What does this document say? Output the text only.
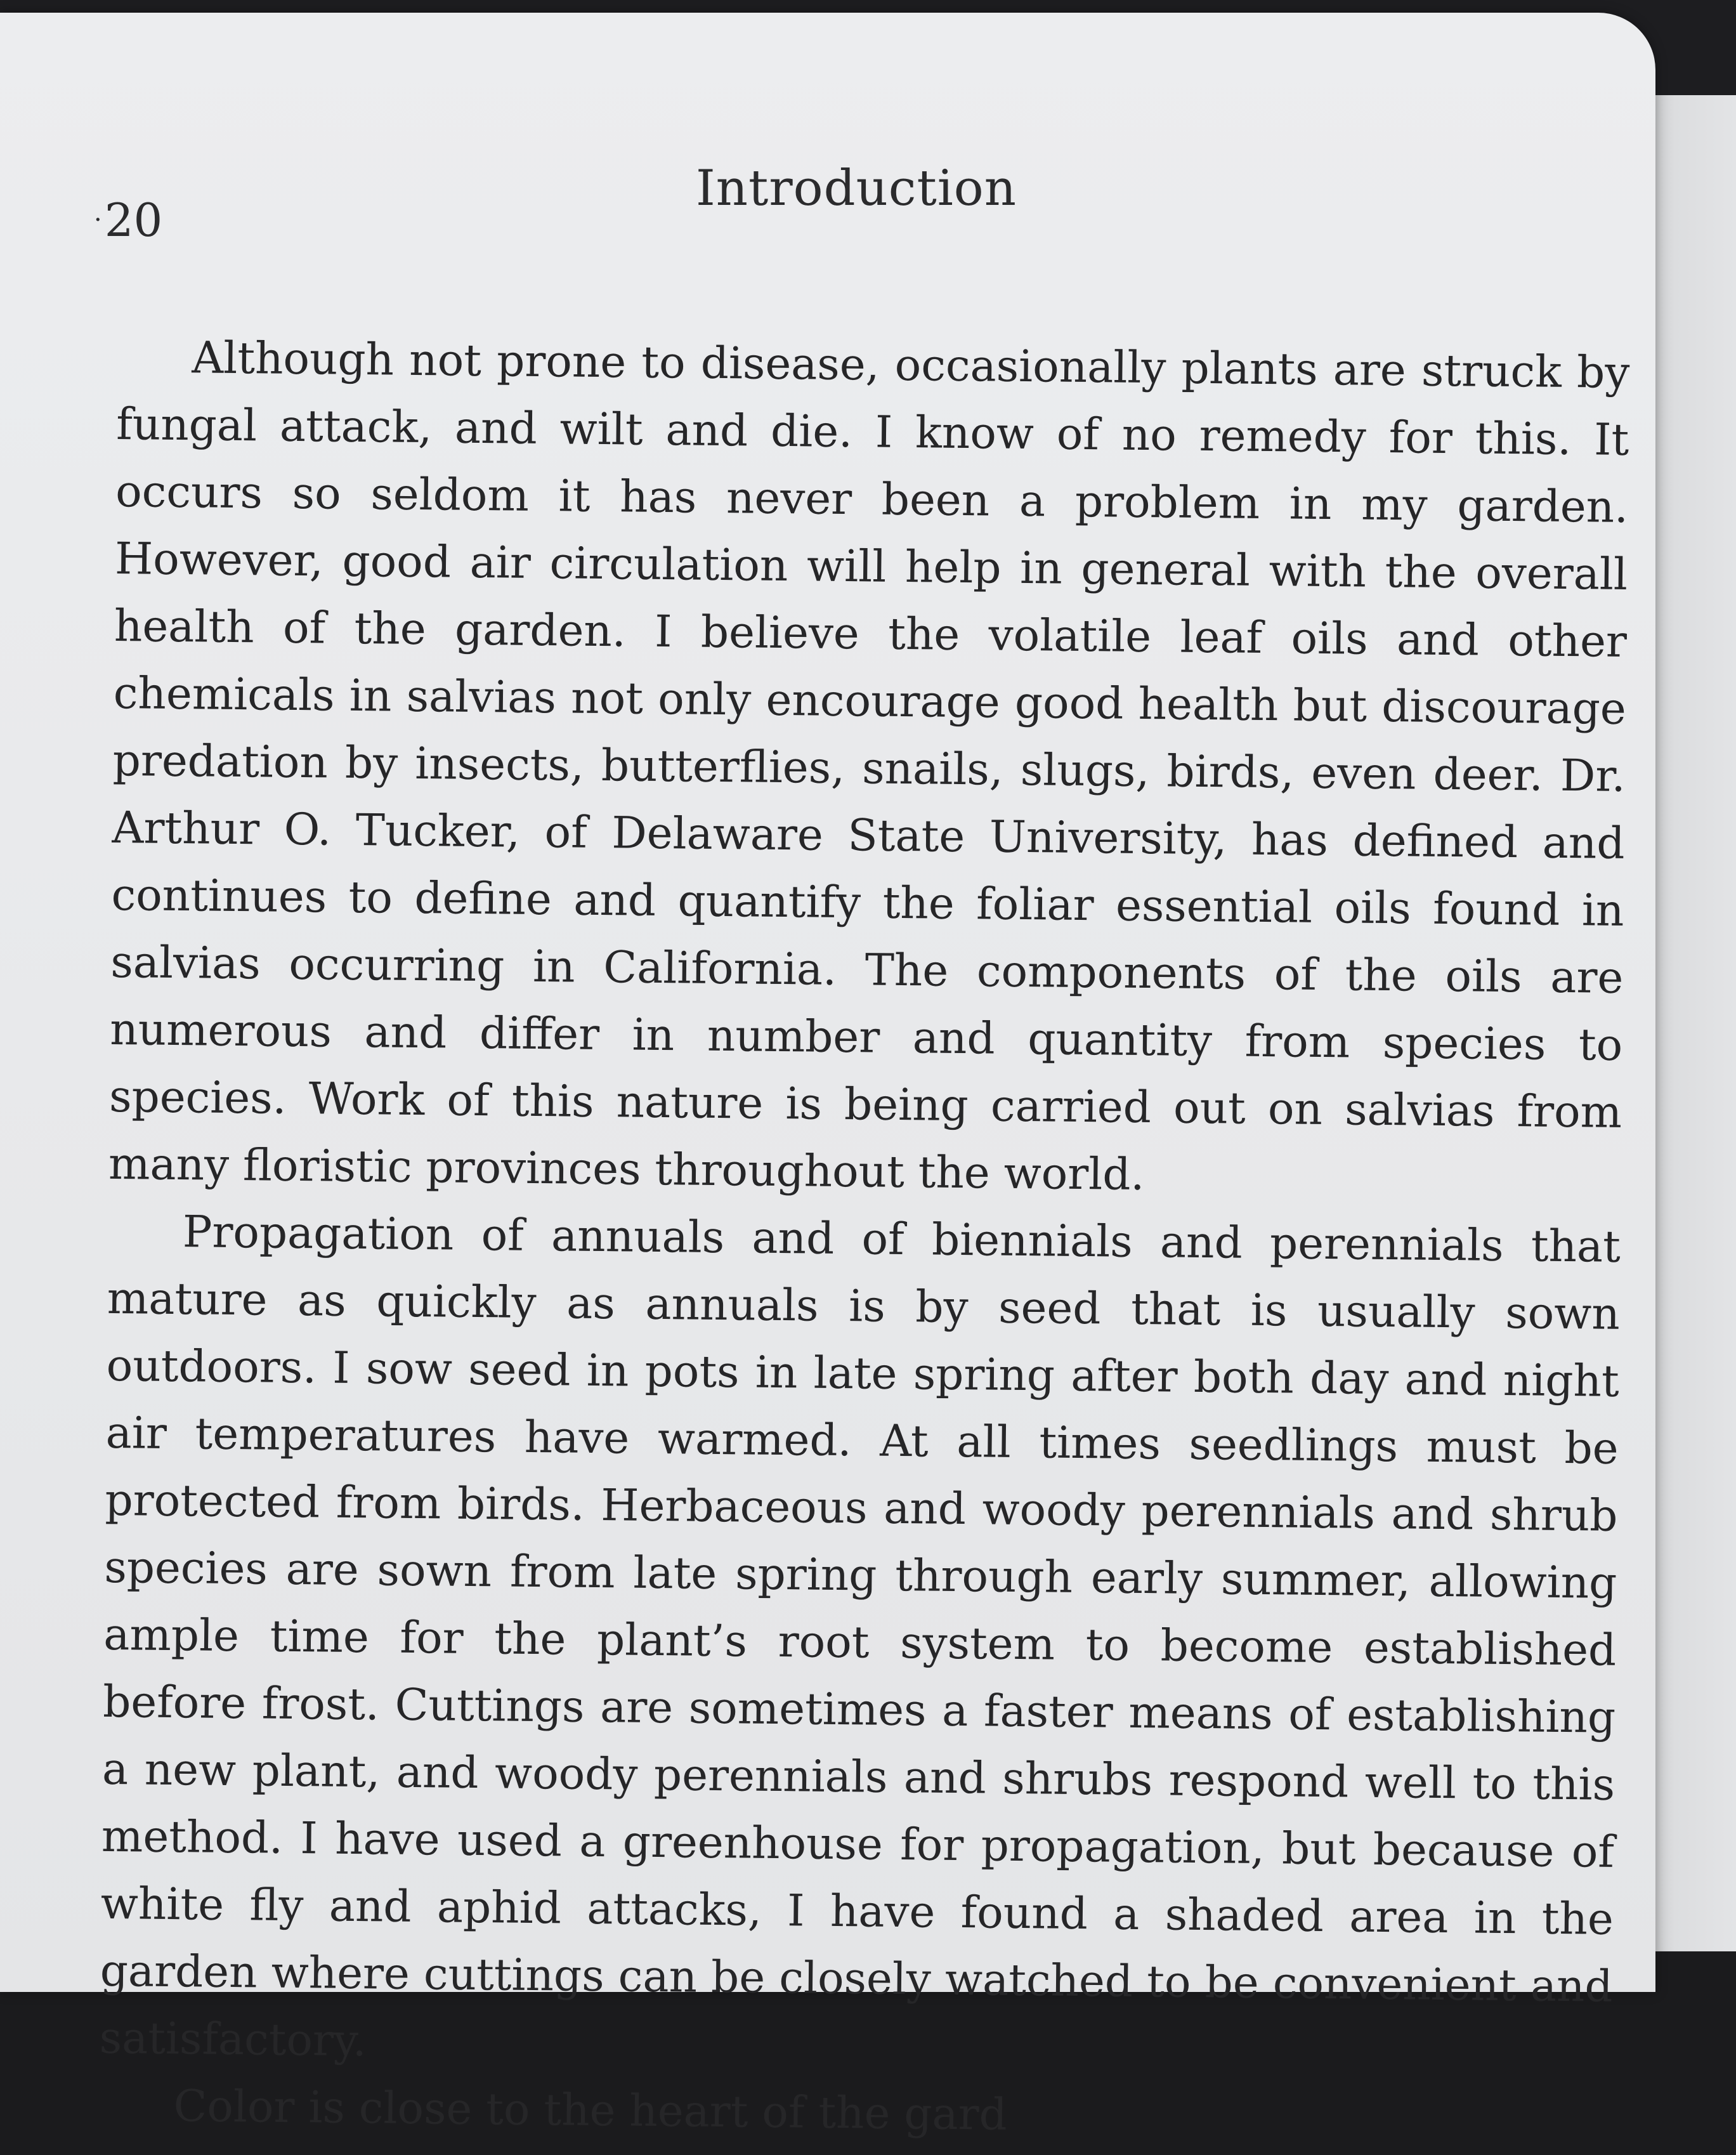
·20
Introduction

Although not prone to disease, occasionally plants are struck by fungal attack, and wilt and die. I know of no remedy for this. It occurs so seldom it has never been a problem in my garden. However, good air circulation will help in general with the overall health of the garden. I believe the volatile leaf oils and other chemicals in salvias not only encourage good health but discourage predation by insects, butterflies, snails, slugs, birds, even deer. Dr. Arthur O. Tucker, of Delaware State University, has defined and continues to define and quantify the foliar essential oils found in salvias occurring in California. The components of the oils are numerous and differ in number and quantity from species to species. Work of this nature is being carried out on salvias from many floristic provinces throughout the world.

Propagation of annuals and of biennials and perennials that mature as quickly as annuals is by seed that is usually sown outdoors. I sow seed in pots in late spring after both day and night air temperatures have warmed. At all times seedlings must be protected from birds. Herbaceous and woody perennials and shrub species are sown from late spring through early summer, allowing ample time for the plant’s root system to become established before frost. Cuttings are sometimes a faster means of establishing a new plant, and woody perennials and shrubs respond well to this method. I have used a greenhouse for propagation, but because of white fly and aphid attacks, I have found a shaded area in the garden where cuttings can be closely watched to be convenient and satisfactory.

Color is close to the heart of the gard
